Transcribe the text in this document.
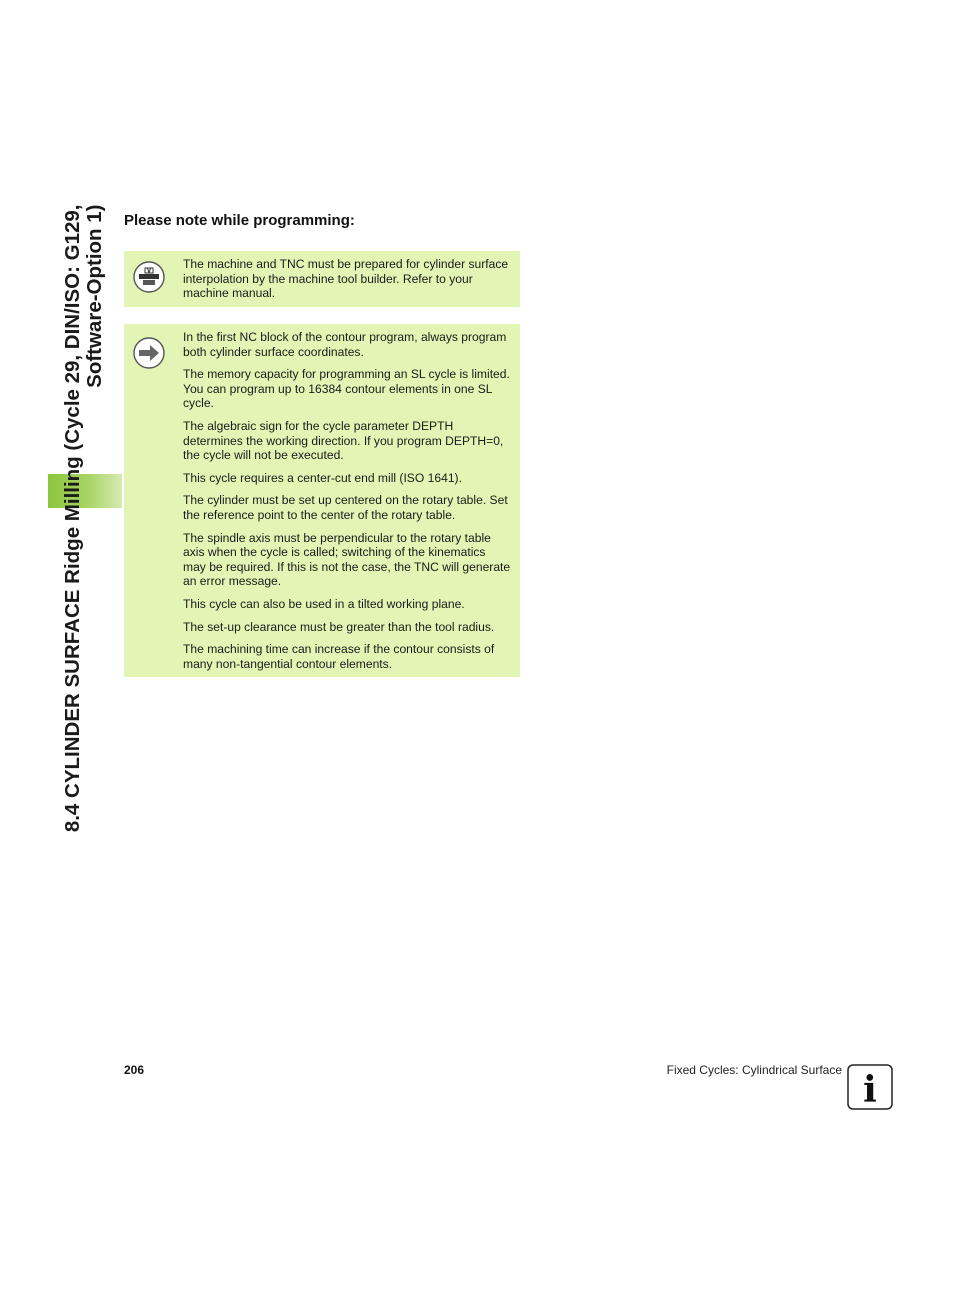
8.4 CYLINDER SURFACE Ridge Milling (Cycle 29, DIN/ISO: G129, Software-Option 1) Please note while programming:
V

The machine and TNC must be prepared for cylinder surface interpolation by the machine tool builder. Refer to your machine manual.

In the first NC block of the contour program, always program both cylinder surface coordinates.

The memory capacity for programming an SL cycle is limited. You can program up to 16384 contour elements in one SL cycle.

The algebraic sign for the cycle parameter DEPTH determines the working direction. If you program DEPTH=0, the cycle will not be executed.

This cycle requires a center-cut end mill (ISO 1641).

The cylinder must be set up centered on the rotary table. Set the reference point to the center of the rotary table.

The spindle axis must be perpendicular to the rotary table axis when the cycle is called; switching of the kinematics may be required. If this is not the case, the TNC will generate an error message.

This cycle can also be used in a tilted working plane.

The set-up clearance must be greater than the tool radius.

The machining time can increase if the contour consists of many non-tangential contour elements.

206	Fixed Cycles: Cylindrical Surface i
